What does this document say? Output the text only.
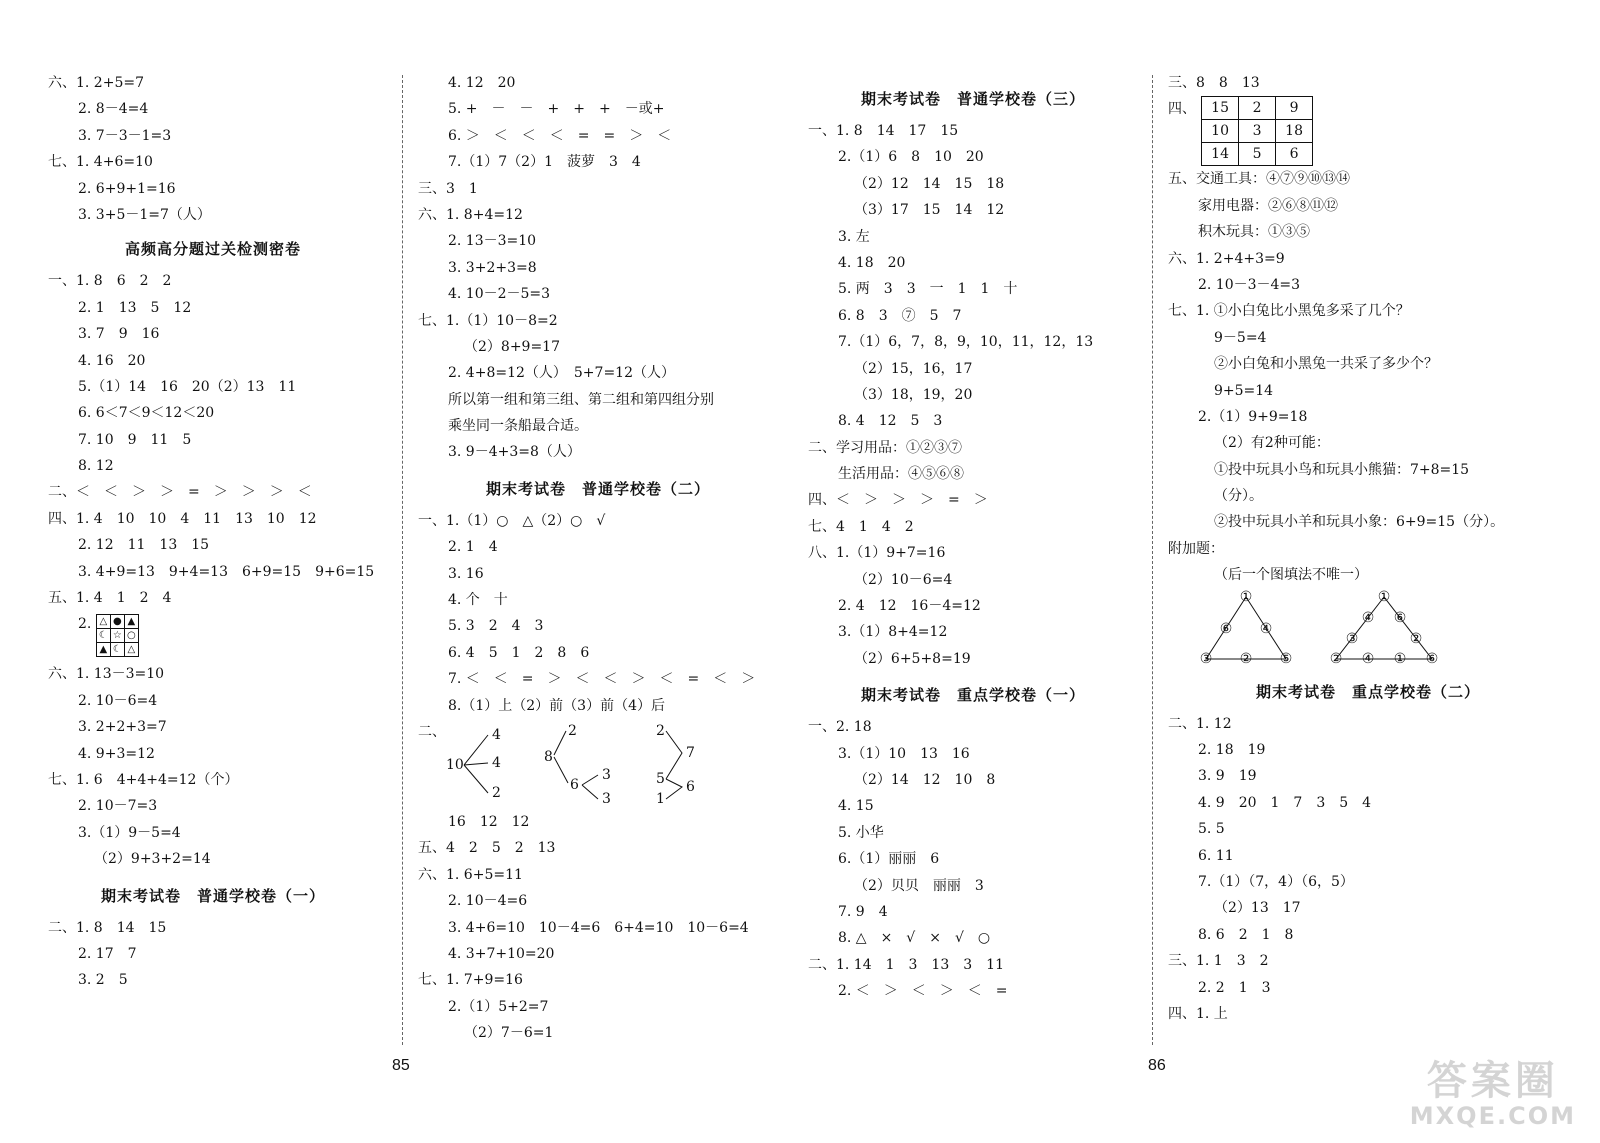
六、1. 2+5=7
2. 8－4=4
3. 7－3－1=3
七、1. 4+6=10
2. 6+9+1=16
3. 3+5－1=7（人）
高频高分题过关检测密卷
一、1. 8　6　2　2
2. 1　13　5　12
3. 7　9　16
4. 16　20
5.（1）14　16　20（2）13　11
6. 6＜7＜9＜12＜20
7. 10　9　11　5
8. 12
二、＜　＜　＞　＞　=　＞　＞　＞　＜
四、1. 4　10　10　4　11　13　10　12
2. 12　11　13　15
3. 4+9=13　9+4=13　6+9=15　9+6=15
五、1. 4　1　2　4
2. △	●	▲
☾	☆	○
▲	☾	△
六、1. 13－3=10
2. 10－6=4
3. 2+2+3=7
4. 9+3=12
七、1. 6　4+4+4=12（个）
2. 10－7=3
3.（1）9－5=4
（2）9+3+2=14
期末考试卷　普通学校卷（一）
二、1. 8　14　15
2. 17　7
3. 2　5
4. 12　20
5. +　－　－　+　+　+　－或+
6. ＞　＜　＜　＜　=　=　＞　＜
7.（1）7（2）1　菠萝　3　4
三、3　1
六、1. 8+4=12
2. 13－3=10
3. 3+2+3=8
4. 10－2－5=3
七、1.（1）10－8=2
（2）8+9=17
2. 4+8=12（人）　5+7=12（人）
所以第一组和第三组、第二组和第四组分别
乘坐同一条船最合适。
3. 9－4+3=8（人）
期末考试卷　普通学校卷（二）
一、1.（1）○　△（2）○　√
2. 1　4
3. 16
4. 个　十
5. 3　2　4　3
6. 4　5　1　2　8　6
7. ＜　＜　=　＞　＜　＜　＞　＜　=　＜　＞
8.（1）上（2）前（3）前（4）后
二、
10
4
4
2
8
2
6
3
3
2
7
5
1
6
16　12　12
五、4　2　5　2　13
六、1. 6+5=11
2. 10－4=6
3. 4+6=10　10－4=6　6+4=10　10－6=4
4. 3+7+10=20
七、1. 7+9=16
2.（1）5+2=7
（2）7－6=1
85
期末考试卷　普通学校卷（三）
一、1. 8　14　17　15
2.（1）6　8　10　20
（2）12　14　15　18
（3）17　15　14　12
3. 左
4. 18　20
5. 两　3　3　一　1　1　十
6. 8　3　⑦　5　7
7.（1）6，7，8，9，10，11，12，13
（2）15，16，17
（3）18，19，20
8. 4　12　5　3
二、学习用品：①②③⑦
生活用品：④⑤⑥⑧
四、＜　＞　＞　＞　=　＞
七、4　1　4　2
八、1.（1）9+7=16
（2）10－6=4
2. 4　12　16－4=12
3.（1）8+4=12
（2）6+5+8=19
期末考试卷　重点学校卷（一）
一、2. 18
3.（1）10　13　16
（2）14　12　10　8
4. 15
5. 小华
6.（1）丽丽　6
（2）贝贝　丽丽　3
7. 9　4
8. △　×　√　×　√　○
二、1. 14　1　3　13　3　11
2. ＜　＞　＜　＞　＜　=
三、8　8　13
四、 15	2	9
10	3	18
14	5	6
五、交通工具：④⑦⑨⑩⑬⑭
家用电器：②⑥⑧⑪⑫
积木玩具：①③⑤
六、1. 2+4+3=9
2. 10－3－4=3
七、1. ①小白兔比小黑兔多采了几个？
9－5=4
②小白兔和小黑兔一共采了多少个？
9+5=14
2.（1）9+9=18
（2）有2种可能：
①投中玩具小鸟和玩具小熊猫：7+8=15
（分）。
②投中玩具小羊和玩具小象：6+9=15（分）。
附加题：
（后一个图填法不唯一）
①
⑥ ④
③ ② ⑤
①
④ ⑥
③	②
② ④ ① ⑥
期末考试卷　重点学校卷（二）
二、1. 12
2. 18　19
3. 9　19
4. 9　20　1　7　3　5　4
5. 5
6. 11
7.（1）（7，4）（6，5）
（2）13　17
8. 6　2　1　8
三、1. 1　3　2
2. 2　1　3
四、1. 上
86	答案圈
MXQE.COM
